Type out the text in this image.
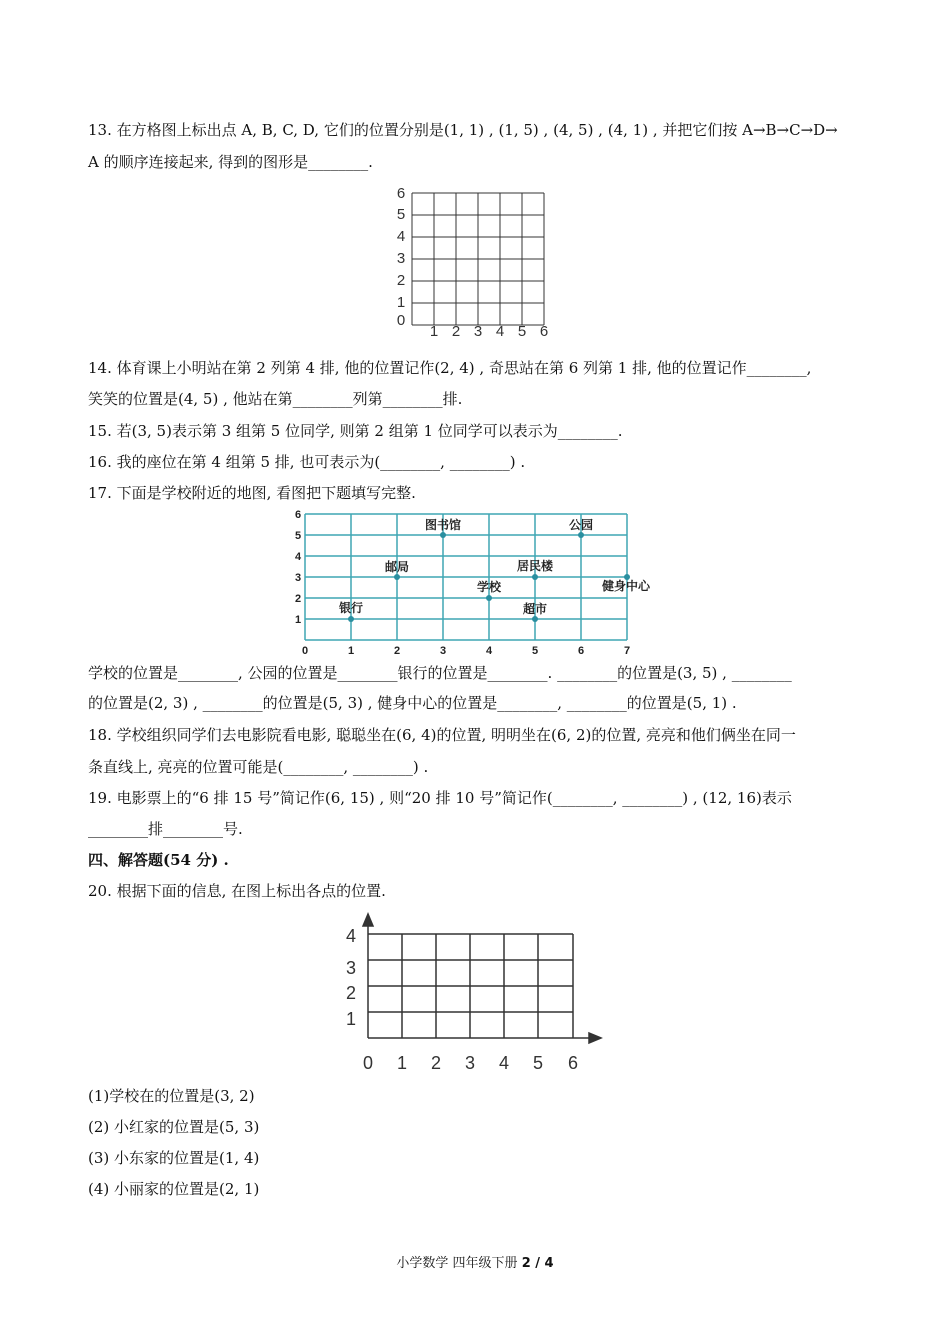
13. 在方格图上标出点 A, B, C, D, 它们的位置分别是(1, 1) , (1, 5) , (4, 5) , (4, 1) , 并把它们按 A→B→C→D→
A 的顺序连接起来, 得到的图形是________.
6
5
4
3
2
1
0
1 2 3 4 5 6
14. 体育课上小明站在第 2 列第 4 排, 他的位置记作(2, 4) , 奇思站在第 6 列第 1 排, 他的位置记作________,
笑笑的位置是(4, 5) , 他站在第________列第________排.
15. 若(3, 5)表示第 3 组第 5 位同学, 则第 2 组第 1 位同学可以表示为________.
16. 我的座位在第 4 组第 5 排, 也可表示为(________, ________) .
17. 下面是学校附近的地图, 看图把下题填写完整.
6
5
4
3
2
1
0	1	2	3	4	5	6	7
图书馆	公园
邮局	居民楼
学校	健身中心
银行	超市
学校的位置是________, 公园的位置是________银行的位置是________. ________的位置是(3, 5) , ________
的位置是(2, 3) , ________的位置是(5, 3) , 健身中心的位置是________, ________的位置是(5, 1) .
18. 学校组织同学们去电影院看电影, 聪聪坐在(6, 4)的位置, 明明坐在(6, 2)的位置, 亮亮和他们俩坐在同一
条直线上, 亮亮的位置可能是(________, ________) .
19. 电影票上的“6 排 15 号”简记作(6, 15) , 则“20 排 10 号”简记作(________, ________) , (12, 16)表示
________排________号.
四、解答题(54 分) .
20. 根据下面的信息, 在图上标出各点的位置.
4
3
2
1
0 1 2 3 4 5 6
(1)学校在的位置是(3, 2)
(2) 小红家的位置是(5, 3)
(3) 小东家的位置是(1, 4)
(4) 小丽家的位置是(2, 1)
小学数学 四年级下册 2 / 4
